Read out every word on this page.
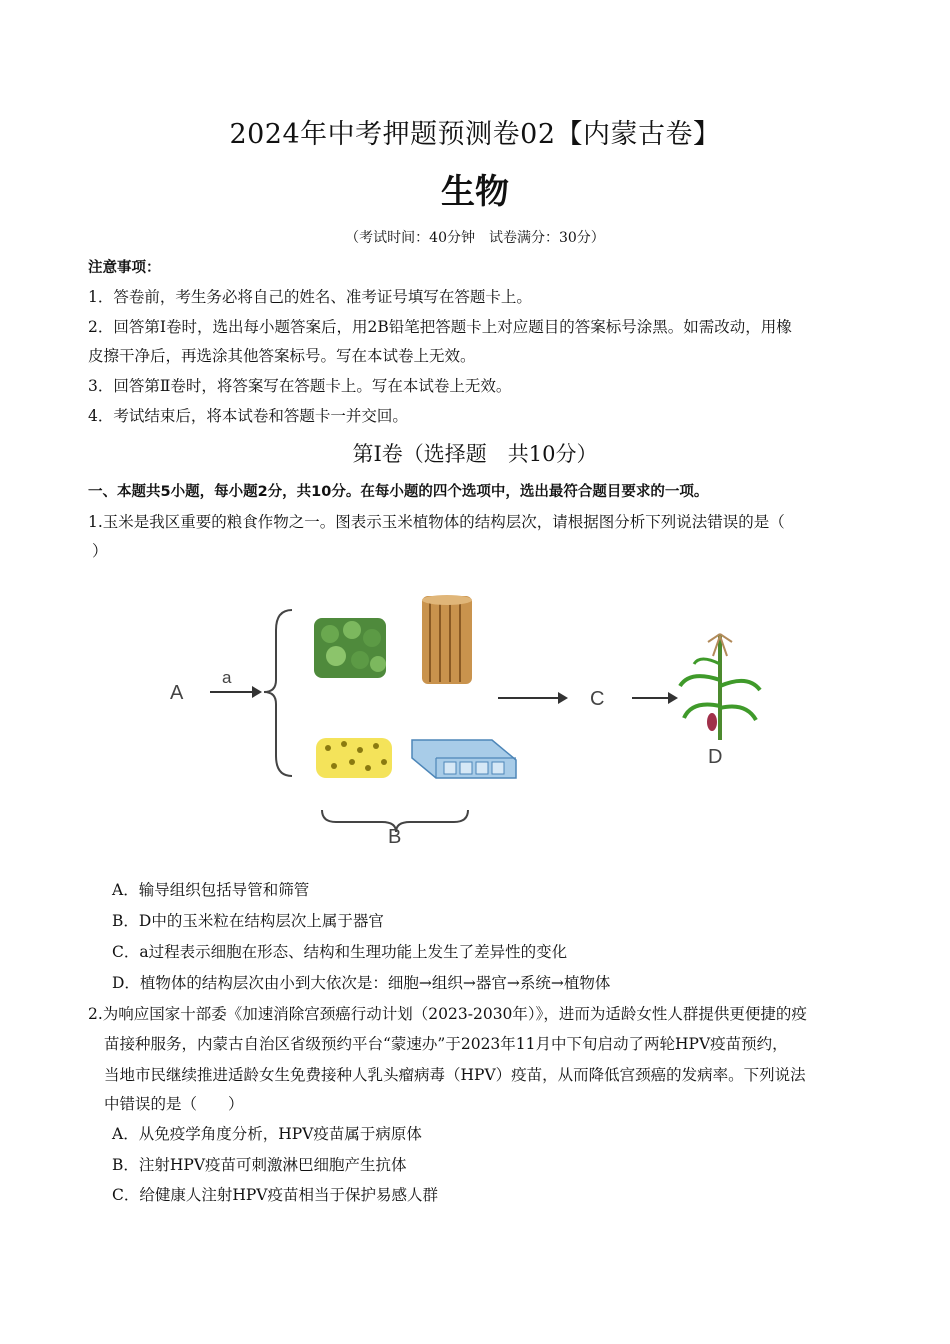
2024年中考押题预测卷02【内蒙古卷】
生物
（考试时间：40分钟　试卷满分：30分）
注意事项：
1．答卷前，考生务必将自己的姓名、准考证号填写在答题卡上。
2．回答第Ⅰ卷时，选出每小题答案后，用2B铅笔把答题卡上对应题目的答案标号涂黑。如需改动，用橡
皮擦干净后，再选涂其他答案标号。写在本试卷上无效。
3．回答第Ⅱ卷时，将答案写在答题卡上。写在本试卷上无效。
4．考试结束后，将本试卷和答题卡一并交回。
第Ⅰ卷（选择题　共10分）
一、本题共5小题，每小题2分，共10分。在每小题的四个选项中，选出最符合题目要求的一项。
1.玉米是我区重要的粮食作物之一。图表示玉米植物体的结构层次，请根据图分析下列说法错误的是（
）
A
a
B
C
D
A．输导组织包括导管和筛管
B．D中的玉米粒在结构层次上属于器官
C．a过程表示细胞在形态、结构和生理功能上发生了差异性的变化
D．植物体的结构层次由小到大依次是：细胞→组织→器官→系统→植物体
2.为响应国家十部委《加速消除宫颈癌行动计划（2023-2030年）》，进而为适龄女性人群提供更便捷的疫
苗接种服务，内蒙古自治区省级预约平台“蒙速办”于2023年11月中下旬启动了两轮HPV疫苗预约，
当地市民继续推进适龄女生免费接种人乳头瘤病毒（HPV）疫苗，从而降低宫颈癌的发病率。下列说法
中错误的是（　　）
A．从免疫学角度分析，HPV疫苗属于病原体
B．注射HPV疫苗可刺激淋巴细胞产生抗体
C．给健康人注射HPV疫苗相当于保护易感人群
